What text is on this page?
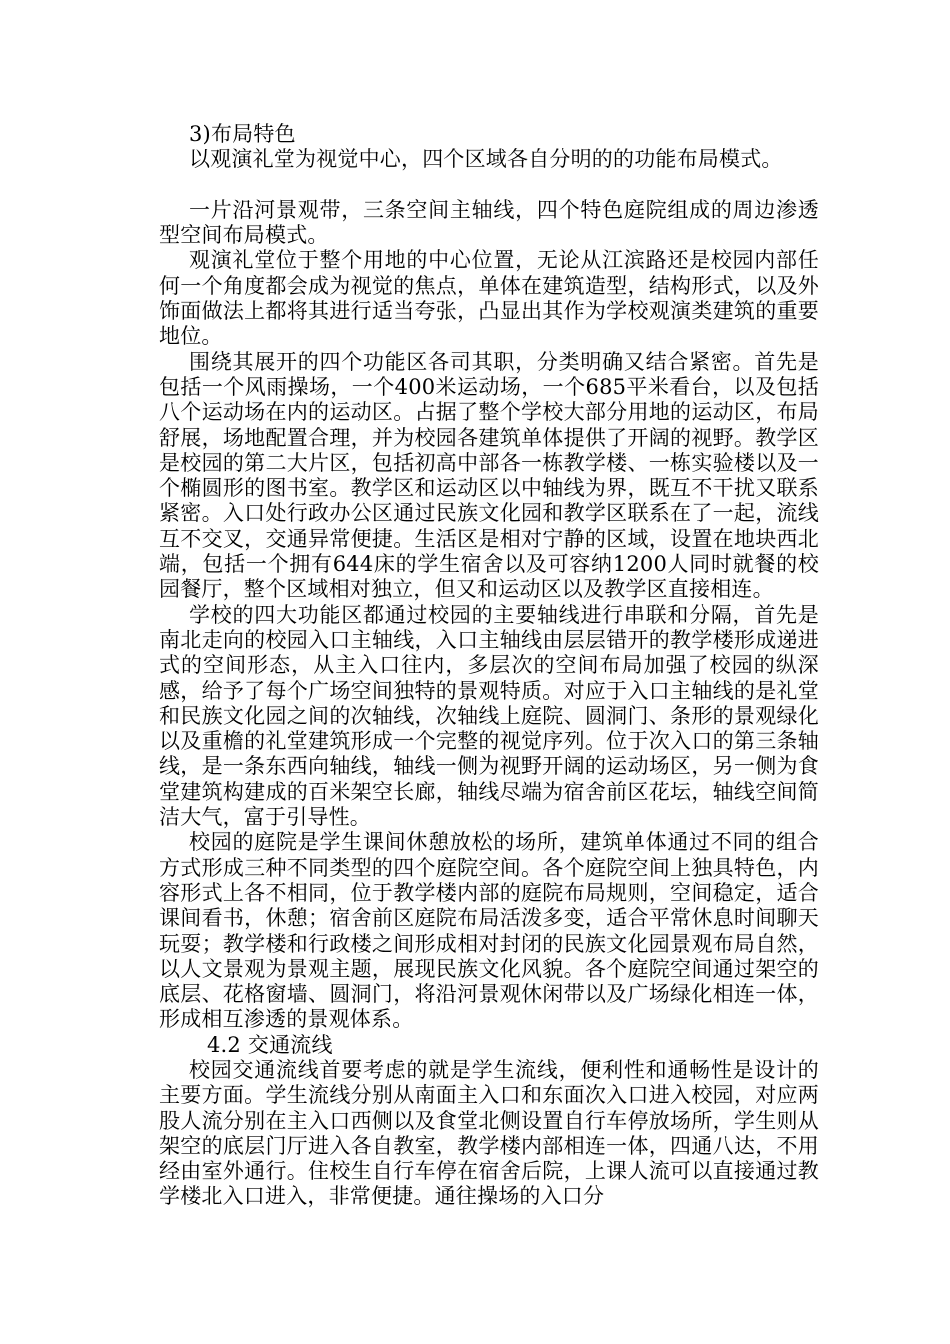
3)布局特色

以观演礼堂为视觉中心，四个区域各自分明的的功能布局模式。

一片沿河景观带，三条空间主轴线，四个特色庭院组成的周边渗透型空间布局模式。

观演礼堂位于整个用地的中心位置，无论从江滨路还是校园内部任何一个角度都会成为视觉的焦点，单体在建筑造型，结构形式，以及外饰面做法上都将其进行适当夸张，凸显出其作为学校观演类建筑的重要地位。

围绕其展开的四个功能区各司其职，分类明确又结合紧密。首先是包括一个风雨操场，一个400米运动场，一个685平米看台，以及包括八个运动场在内的运动区。占据了整个学校大部分用地的运动区，布局舒展，场地配置合理，并为校园各建筑单体提供了开阔的视野。教学区是校园的第二大片区，包括初高中部各一栋教学楼、一栋实验楼以及一个椭圆形的图书室。教学区和运动区以中轴线为界，既互不干扰又联系紧密。入口处行政办公区通过民族文化园和教学区联系在了一起，流线互不交叉，交通异常便捷。生活区是相对宁静的区域，设置在地块西北端，包括一个拥有644床的学生宿舍以及可容纳1200人同时就餐的校园餐厅，整个区域相对独立，但又和运动区以及教学区直接相连。

学校的四大功能区都通过校园的主要轴线进行串联和分隔，首先是南北走向的校园入口主轴线，入口主轴线由层层错开的教学楼形成递进式的空间形态，从主入口往内，多层次的空间布局加强了校园的纵深感，给予了每个广场空间独特的景观特质。对应于入口主轴线的是礼堂和民族文化园之间的次轴线，次轴线上庭院、圆洞门、条形的景观绿化以及重檐的礼堂建筑形成一个完整的视觉序列。位于次入口的第三条轴线，是一条东西向轴线，轴线一侧为视野开阔的运动场区，另一侧为食堂建筑构建成的百米架空长廊，轴线尽端为宿舍前区花坛，轴线空间简洁大气，富于引导性。

校园的庭院是学生课间休憩放松的场所，建筑单体通过不同的组合方式形成三种不同类型的四个庭院空间。各个庭院空间上独具特色，内容形式上各不相同，位于教学楼内部的庭院布局规则，空间稳定，适合课间看书，休憩；宿舍前区庭院布局活泼多变，适合平常休息时间聊天玩耍；教学楼和行政楼之间形成相对封闭的民族文化园景观布局自然，以人文景观为景观主题，展现民族文化风貌。各个庭院空间通过架空的底层、花格窗墙、圆洞门，将沿河景观休闲带以及广场绿化相连一体，形成相互渗透的景观体系。

4.2 交通流线

校园交通流线首要考虑的就是学生流线，便利性和通畅性是设计的主要方面。学生流线分别从南面主入口和东面次入口进入校园，对应两股人流分别在主入口西侧以及食堂北侧设置自行车停放场所，学生则从架空的底层门厅进入各自教室，教学楼内部相连一体，四通八达，不用经由室外通行。住校生自行车停在宿舍后院，上课人流可以直接通过教学楼北入口进入，非常便捷。通往操场的入口分
